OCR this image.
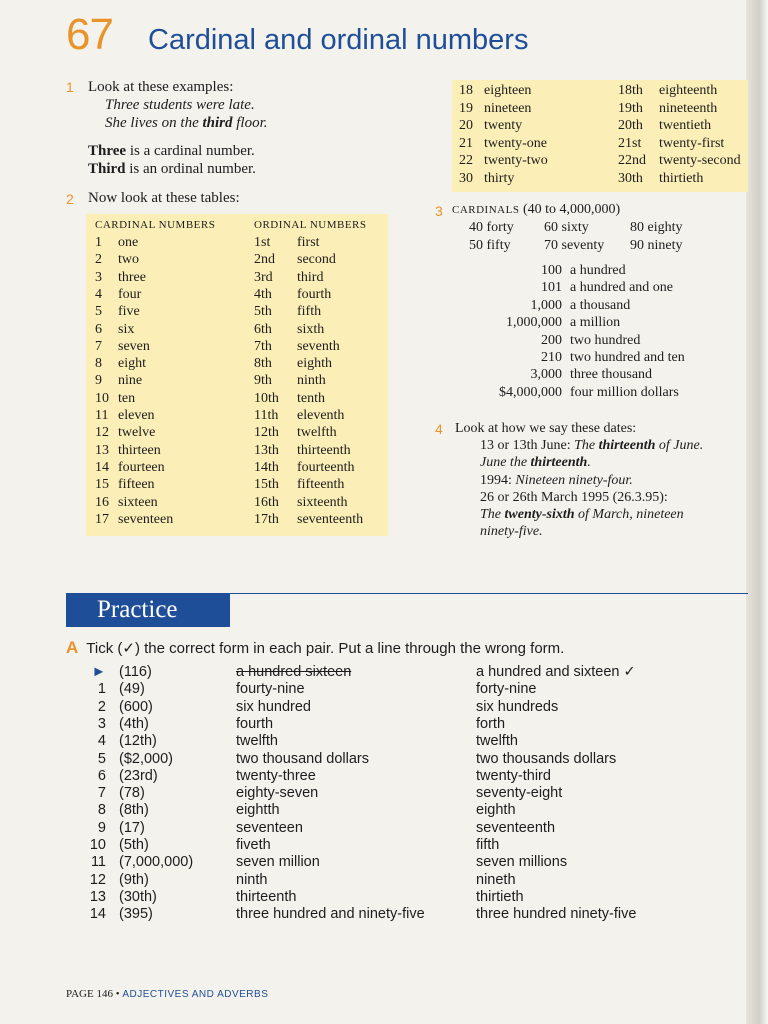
67 Cardinal and ordinal numbers
1 Look at these examples:
Three students were late.
She lives on the third floor.
Three is a cardinal number.
Third is an ordinal number.
2 Now look at these tables:
CARDINAL NUMBERS	ORDINAL NUMBERS
1 one	1st first
2 two	2nd second
3 three	3rd third
4 four	4th fourth
5 five	5th fifth
6 six	6th sixth
7 seven	7th seventh
8 eight	8th eighth
9 nine	9th ninth
10 ten	10th tenth
11 eleven	11th eleventh
12 twelve	12th twelfth
13 thirteen	13th thirteenth
14 fourteen	14th fourteenth
15 fifteen	15th fifteenth
16 sixteen	16th sixteenth
17 seventeen	17th seventeenth
18 eighteen	18th eighteenth
19 nineteen	19th nineteenth
20 twenty	20th twentieth
21 twenty-one	21st twenty-first
22 twenty-two	22nd twenty-second
30 thirty	30th thirtieth
3 CARDINALS (40 to 4,000,000)
40 forty 60 sixty	80 eighty
50 fifty 70 seventy 90 ninety
100 a hundred
101 a hundred and one
1,000 a thousand
1,000,000 a million
200 two hundred
210 two hundred and ten
3,000 three thousand
$4,000,000 four million dollars
4 Look at how we say these dates:
13 or 13th June: The thirteenth of June.
June the thirteenth.
1994: Nineteen ninety-four.
26 or 26th March 1995 (26.3.95):
The twenty-sixth of March, nineteen
ninety-five.
Practice
A Tick (✓) the correct form in each pair. Put a line through the wrong form.
► (116)	a hundred sixteen	a hundred and sixteen ✓
1 (49)	fourty-nine	forty-nine
2 (600)	six hundred	six hundreds
3 (4th)	fourth	forth
4 (12th)	twelfth	twelfth
5 ($2,000)	two thousand dollars	two thousands dollars
6 (23rd)	twenty-three	twenty-third
7 (78)	eighty-seven	seventy-eight
8 (8th)	eightth	eighth
9 (17)	seventeen	seventeenth
10 (5th)	fiveth	fifth
11 (7,000,000)	seven million	seven millions
12 (9th)	ninth	nineth
13 (30th)	thirteenth	thirtieth
14 (395)	three hundred and ninety-five	three hundred ninety-five
PAGE 146 • ADJECTIVES AND ADVERBS
